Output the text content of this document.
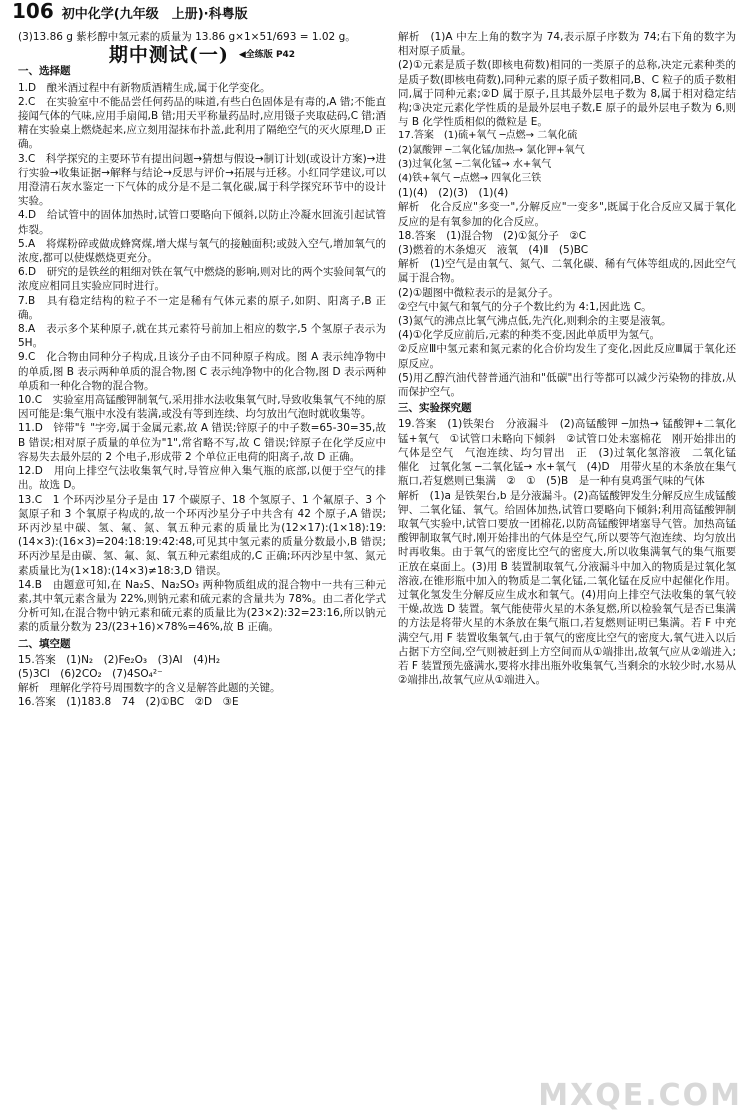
106 初中化学(九年级　上册)·科粤版

(3)13.86 g 紫杉醇中氢元素的质量为 13.86 g×1×51/693 = 1.02 g。

期中测试(一) ◀全练版 P42
一、选择题

1.D　酿米酒过程中有新物质酒精生成,属于化学变化。

2.C　在实验室中不能品尝任何药品的味道,有些白色固体是有毒的,A 错;不能直接闻气体的气味,应用手扇闻,B 错;用天平称量药品时,应用镊子夹取砝码,C 错;酒精在实验桌上燃烧起来,应立刻用湿抹布扑盖,此利用了隔绝空气的灭火原理,D 正确。

3.C　科学探究的主要环节有提出问题→猜想与假设→制订计划(或设计方案)→进行实验→收集证据→解释与结论→反思与评价→拓展与迁移。小红同学建议,可以用澄清石灰水鉴定一下气体的成分是不是二氧化碳,属于科学探究环节中的设计实验。

4.D　给试管中的固体加热时,试管口要略向下倾斜,以防止冷凝水回流引起试管炸裂。

5.A　将煤粉碎或做成蜂窝煤,增大煤与氧气的接触面积;或鼓入空气,增加氧气的浓度,都可以使煤燃烧更充分。

6.D　研究的是铁丝的粗细对铁在氧气中燃烧的影响,则对比的两个实验间氧气的浓度应相同且实验应同时进行。

7.B　具有稳定结构的粒子不一定是稀有气体元素的原子,如阴、阳离子,B 正确。

8.A　表示多个某种原子,就在其元素符号前加上相应的数字,5 个氢原子表示为 5H。

9.C　化合物由同种分子构成,且该分子由不同种原子构成。图 A 表示纯净物中的单质,图 B 表示两种单质的混合物,图 C 表示纯净物中的化合物,图 D 表示两种单质和一种化合物的混合物。

10.C　实验室用高锰酸钾制氧气,采用排水法收集氧气时,导致收集氧气不纯的原因可能是:集气瓶中水没有装满,或没有等到连续、均匀放出气泡时就收集等。

11.D　锌带"钅"字旁,属于金属元素,故 A 错误;锌原子的中子数=65-30=35,故 B 错误;相对原子质量的单位为"1",常省略不写,故 C 错误;锌原子在化学反应中容易失去最外层的 2 个电子,形成带 2 个单位正电荷的阳离子,故 D 正确。

12.D　用向上排空气法收集氧气时,导管应伸入集气瓶的底部,以便于空气的排出。故选 D。

13.C　1 个环丙沙星分子是由 17 个碳原子、18 个氢原子、1 个氟原子、3 个氮原子和 3 个氧原子构成的,故一个环丙沙星分子中共含有 42 个原子,A 错误;环丙沙星中碳、氢、氟、氮、氧五种元素的质量比为(12×17):(1×18):19:(14×3):(16×3)=204:18:19:42:48,可见其中氢元素的质量分数最小,B 错误;环丙沙星是由碳、氢、氟、氮、氧五种元素组成的,C 正确;环丙沙星中氢、氮元素质量比为(1×18):(14×3)≠18:3,D 错误。

14.B　由题意可知,在 Na₂S、Na₂SO₃ 两种物质组成的混合物中一共有三种元素,其中氧元素含量为 22%,则钠元素和硫元素的含量共为 78%。由二者化学式分析可知,在混合物中钠元素和硫元素的质量比为(23×2):32=23:16,所以钠元素的质量分数为 23/(23+16)×78%=46%,故 B 正确。

二、填空题

15.答案　(1)N₂　(2)Fe₂O₃　(3)Al　(4)H₂

(5)3Cl　(6)2CO₂　(7)4SO₄²⁻

解析　理解化学符号周围数字的含义是解答此题的关键。

16.答案　(1)183.8　74　(2)①BC　②D　③E

解析　(1)A 中左上角的数字为 74,表示原子序数为 74;右下角的数字为相对原子质量。

(2)①元素是质子数(即核电荷数)相同的一类原子的总称,决定元素种类的是质子数(即核电荷数),同种元素的原子质子数相同,B、C 粒子的质子数相同,属于同种元素;②D 属于原子,且其最外层电子数为 8,属于相对稳定结构;③决定元素化学性质的是最外层电子数,E 原子的最外层电子数为 6,则与 B 化学性质相似的微粒是 E。

17.答案　(1)硫+氧气 ─点燃→ 二氧化硫

(2)氯酸钾 ─二氧化锰/加热→ 氯化钾+氧气

(3)过氧化氢 ─二氧化锰→ 水+氧气

(4)铁+氧气 ─点燃→ 四氧化三铁

(1)(4)　(2)(3)　(1)(4)

解析　化合反应"多变一",分解反应"一变多",既属于化合反应又属于氧化反应的是有氧参加的化合反应。

18.答案　(1)混合物　(2)①氮分子　②C

(3)燃着的木条熄灭　液氧　(4)Ⅱ　(5)BC

解析　(1)空气是由氧气、氮气、二氧化碳、稀有气体等组成的,因此空气属于混合物。

(2)①题图中微粒表示的是氮分子。

②空气中氮气和氧气的分子个数比约为 4:1,因此选 C。

(3)氮气的沸点比氧气沸点低,先汽化,则剩余的主要是液氧。

(4)①化学反应前后,元素的种类不变,因此单质甲为氢气。

②反应Ⅲ中氢元素和氮元素的化合价均发生了变化,因此反应Ⅲ属于氧化还原反应。

(5)用乙醇汽油代替普通汽油和"低碳"出行等都可以减少污染物的排放,从而保护空气。

三、实验探究题

19.答案　(1)铁架台　分液漏斗　(2)高锰酸钾 ─加热→ 锰酸钾+二氧化锰+氧气　①试管口未略向下倾斜　②试管口处未塞棉花　刚开始排出的气体是空气　气泡连续、均匀冒出　正　(3)过氧化氢溶液　二氧化锰　催化　过氧化氢 ─二氧化锰→ 水+氧气　(4)D　用带火星的木条放在集气瓶口,若复燃则已集满　②　①　(5)B　是一种有臭鸡蛋气味的气体

解析　(1)a 是铁架台,b 是分液漏斗。(2)高锰酸钾发生分解反应生成锰酸钾、二氧化锰、氧气。给固体加热,试管口要略向下倾斜;利用高锰酸钾制取氧气实验中,试管口要放一团棉花,以防高锰酸钾堵塞导气管。加热高锰酸钾制取氧气时,刚开始排出的气体是空气,所以要等气泡连续、均匀放出时再收集。由于氧气的密度比空气的密度大,所以收集满氧气的集气瓶要正放在桌面上。(3)用 B 装置制取氧气,分液漏斗中加入的物质是过氧化氢溶液,在锥形瓶中加入的物质是二氧化锰,二氧化锰在反应中起催化作用。过氧化氢发生分解反应生成水和氧气。(4)用向上排空气法收集的氧气较干燥,故选 D 装置。氧气能使带火星的木条复燃,所以检验氧气是否已集满的方法是将带火星的木条放在集气瓶口,若复燃则证明已集满。若 F 中充满空气,用 F 装置收集氧气,由于氧气的密度比空气的密度大,氧气进入以后占据下方空间,空气则被赶到上方空间而从①端排出,故氧气应从②端进入;若 F 装置预先盛满水,要将水排出瓶外收集氧气,当剩余的水较少时,水易从②端排出,故氧气应从①端进入。

MXQE.COM
